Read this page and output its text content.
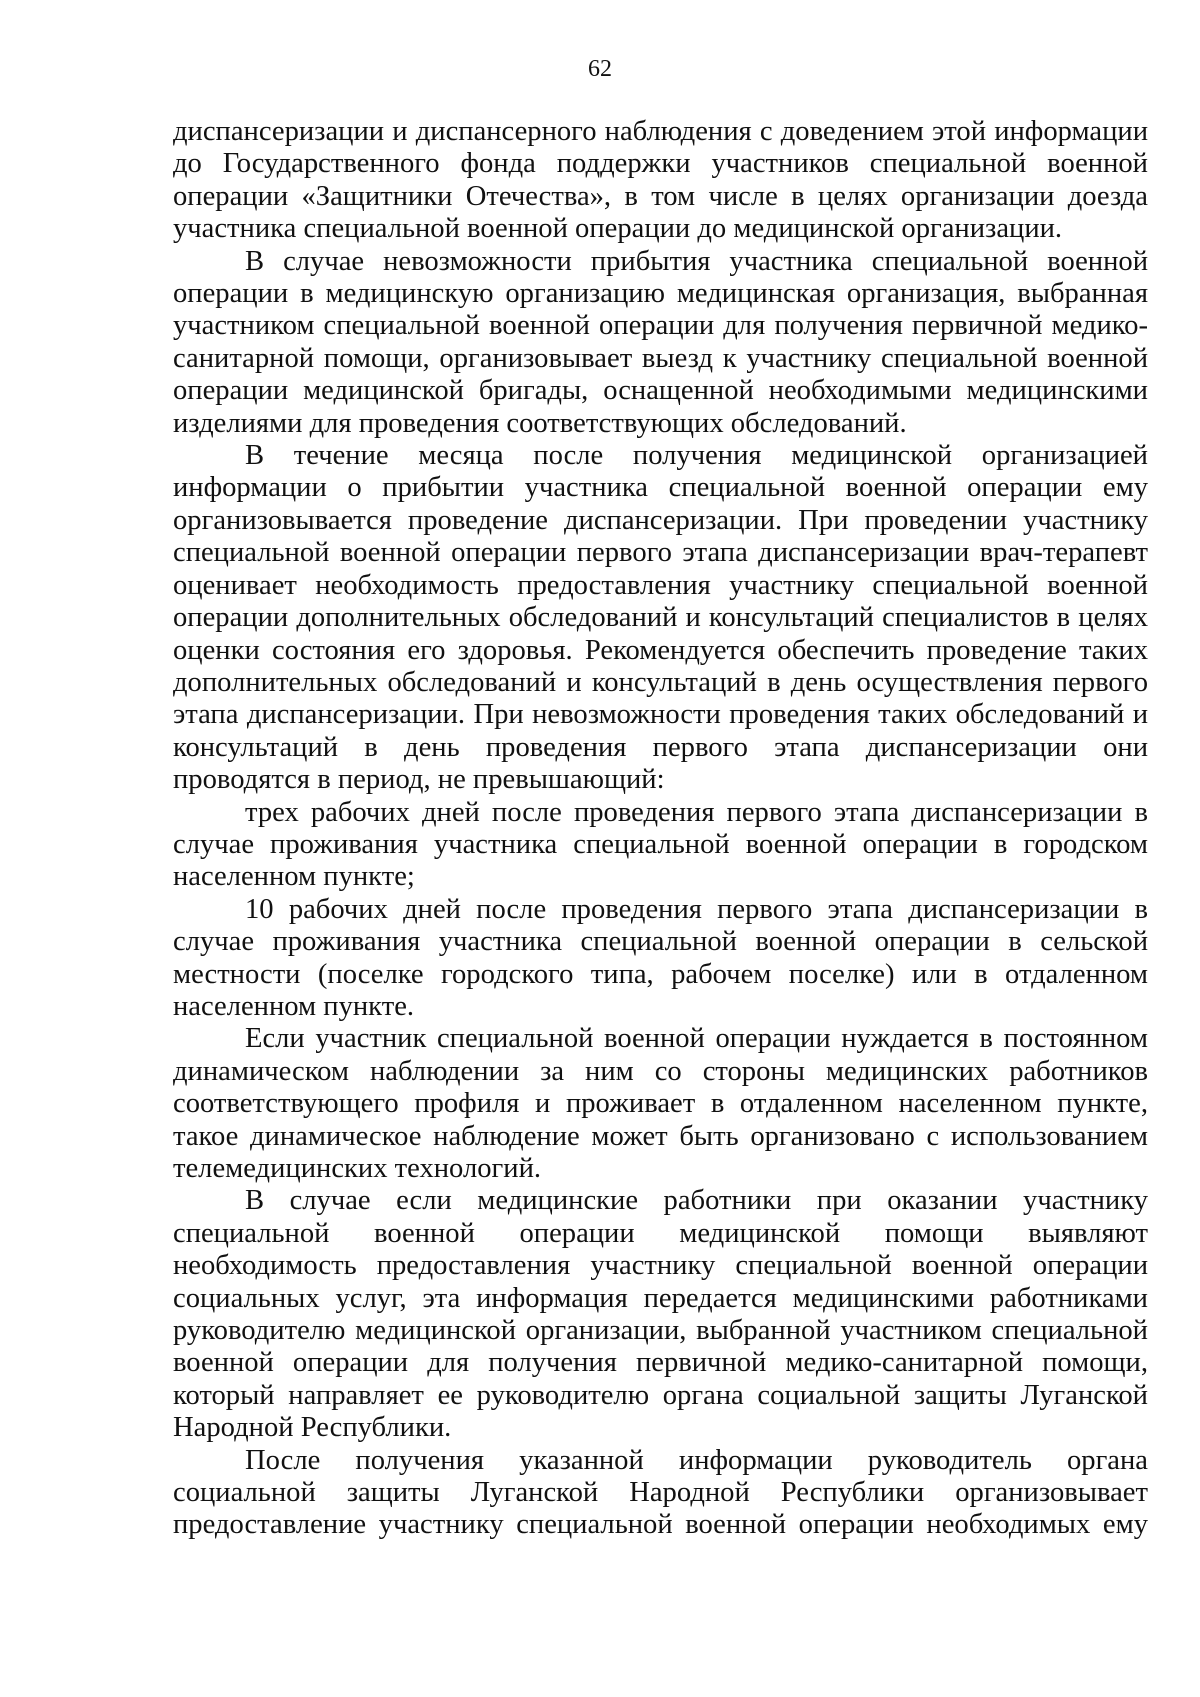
62

диспансеризации и диспансерного наблюдения с доведением этой информации до Государственного фонда поддержки участников специальной военной операции «Защитники Отечества», в том числе в целях организации доезда участника специальной военной операции до медицинской организации.

В случае невозможности прибытия участника специальной военной операции в медицинскую организацию медицинская организация, выбранная участником специальной военной операции для получения первичной медико-санитарной помощи, организовывает выезд к участнику специальной военной операции медицинской бригады, оснащенной необходимыми медицинскими изделиями для проведения соответствующих обследований.

В течение месяца после получения медицинской организацией информации о прибытии участника специальной военной операции ему организовывается проведение диспансеризации. При проведении участнику специальной военной операции первого этапа диспансеризации врач-терапевт оценивает необходимость предоставления участнику специальной военной операции дополнительных обследований и консультаций специалистов в целях оценки состояния его здоровья. Рекомендуется обеспечить проведение таких дополнительных обследований и консультаций в день осуществления первого этапа диспансеризации. При невозможности проведения таких обследований и консультаций в день проведения первого этапа диспансеризации они проводятся в период, не превышающий:

трех рабочих дней после проведения первого этапа диспансеризации в случае проживания участника специальной военной операции в городском населенном пункте;

10 рабочих дней после проведения первого этапа диспансеризации в случае проживания участника специальной военной операции в сельской местности (поселке городского типа, рабочем поселке) или в отдаленном населенном пункте.

Если участник специальной военной операции нуждается в постоянном динамическом наблюдении за ним со стороны медицинских работников соответствующего профиля и проживает в отдаленном населенном пункте, такое динамическое наблюдение может быть организовано с использованием телемедицинских технологий.

В случае если медицинские работники при оказании участнику специальной военной операции медицинской помощи выявляют необходимость предоставления участнику специальной военной операции социальных услуг, эта информация передается медицинскими работниками руководителю медицинской организации, выбранной участником специальной военной операции для получения первичной медико-санитарной помощи, который направляет ее руководителю органа социальной защиты Луганской Народной Республики.

После получения указанной информации руководитель органа социальной защиты Луганской Народной Республики организовывает предоставление участнику специальной военной операции необходимых ему
